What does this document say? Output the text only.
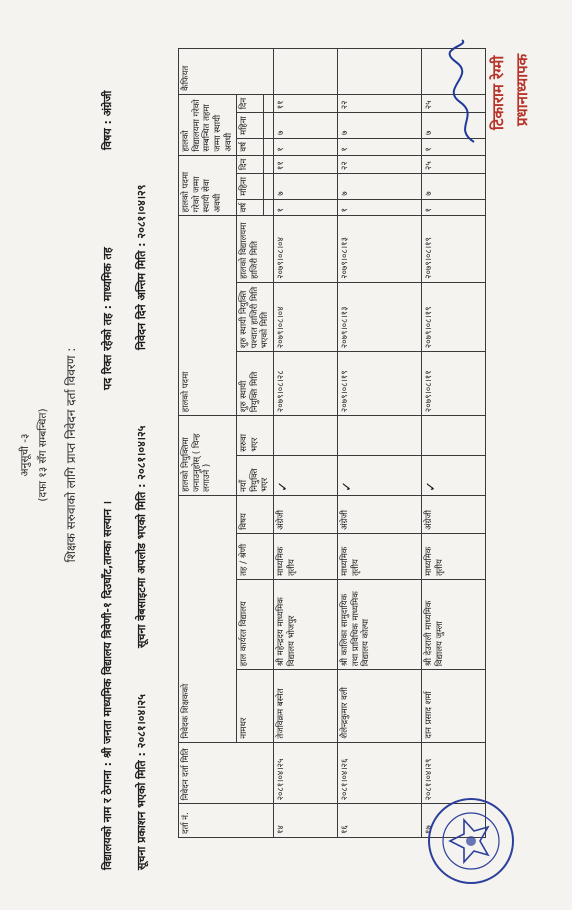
अनुसूची -३ (दफा १३ सँग सम्बन्धित) शिक्षक सरुवाको लागि प्राप्त निवेदन दर्ता विवरण :
विद्यालयको नाम र ठेगाना : श्री जनता माध्यमिक विद्यालय त्रिवेणी-१ दिउघाँट,ताम्का सल्यान ।
पद रिक्त रहेको तह : माध्यमिक तह
विषय : अंग्रेजी
सूचना प्रकाशन भएको मिति : २०८१।०४।२५
सूचना वेबसाइटमा अपलोड भएको मिति : २०८१।०४।२५
निवेदन दिने अन्तिम मिति : २०८१।०४।२९
दर्ता नं.	निवेदन दर्ता मिति	निवेदक शिक्षकको				हालको नियुक्तिमा जनाउनुहोस् ( चिन्ह लगाउने )		हालको पदमा			हालको पदमा गरेको जम्मा स्थायी सेवा अवधी			हालको विद्यालयमा गरेको सम्बन्धित तहमा जम्मा स्थायी अवधी			कैफियत
		नामथर	हाल कार्यरत विद्यालय	तह / श्रेणी	विषय	नयाँ नियुक्ति भएर	सरुवा भएर	शुरु स्थायी नियुक्ति मिति	शुरु स्थायी नियुक्ति पश्चात हाजिरी मिति भएको मिति	हालको विद्यालयमा हाजिरी मिति	वर्ष	महिना	दिन	वर्ष	महिना	दिन	

१४	२०८१।०४।२५	तेजविक्रम बस्नेत	श्री महेन्द्रदय माध्यमिक विद्यालय भोजपुर	माध्यमिक तृतीय	अंग्रेजी	✓		२०७९।०८।२८	२०७९।०८।०४	२०७९।०८।०४	१	७	११	१	७	११	
१६	२०८१।०४।२६	शैलेन्द्रकुमार वली	श्री कालिका सामुदायिक तथा प्राविधिक माध्यमिक विद्यालय कोल्पा	माध्यमिक तृतीय	अंग्रेजी	✓		२०७९।०८।१९	२०७९।०८।१३	२०७९।०८।१३	१	७	२२	१	७	२२	
१७	२०८१।०४।२९	दान प्रसाद शर्मा	श्री देउराली माध्यमिक विद्यालय जुम्ला	माध्यमिक तृतीय	अंग्रेजी	✓		२०७९।०८।११	२०७९।०८।१९	२०७९।०८।१९	१	७	२५	१	७	२५		टिकाराम रेग्मी प्रधानाध्यापक
